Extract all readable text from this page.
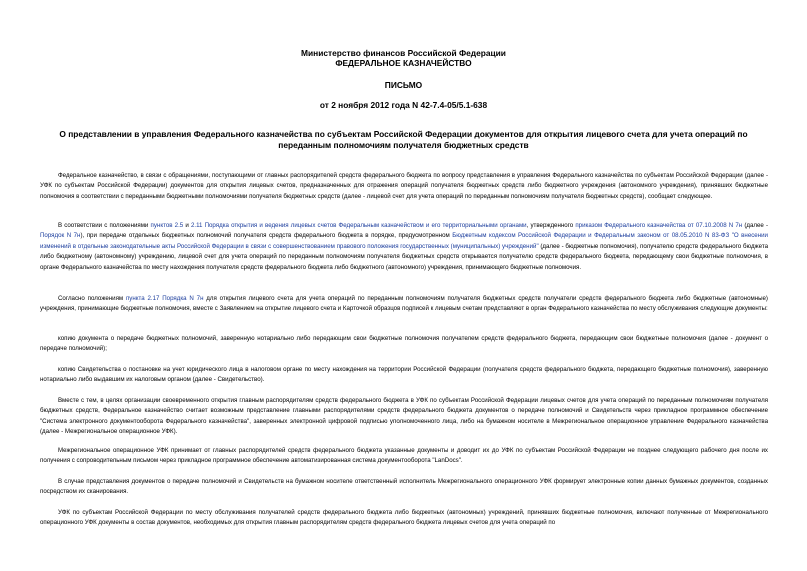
Министерство финансов Российской Федерации
ФЕДЕРАЛЬНОЕ КАЗНАЧЕЙСТВО
ПИСЬМО
от 2 ноября 2012 года N 42-7.4-05/5.1-638
О представлении в управления Федерального казначейства по субъектам Российской Федерации документов для открытия лицевого счета для учета операций по переданным полномочиям получателя бюджетных средств

Федеральное казначейство, в связи с обращениями, поступающими от главных распорядителей средств федерального бюджета по вопросу представления в управления Федерального казначейства по субъектам Российской Федерации (далее - УФК по субъектам Российской Федерации) документов для открытия лицевых счетов, предназначенных для отражения операций получателя бюджетных средств либо бюджетного учреждения (автономного учреждения), принявших бюджетные полномочия в соответствии с переданными бюджетными полномочиями получателя бюджетных средств (далее - лицевой счет для учета операций по переданным полномочиям получателя бюджетных средств), сообщает следующее.

В соответствии с положениями пунктов 2.5 и 2.11 Порядка открытия и ведения лицевых счетов Федеральным казначейством и его территориальными органами, утвержденного приказом Федерального казначейства от 07.10.2008 N 7н (далее - Порядок N 7н), при передаче отдельных бюджетных полномочий получателя средств федерального бюджета в порядке, предусмотренном Бюджетным кодексом Российской Федерации и Федеральным законом от 08.05.2010 N 83-ФЗ "О внесении изменений в отдельные законодательные акты Российской Федерации в связи с совершенствованием правового положения государственных (муниципальных) учреждений" (далее - бюджетные полномочия), получателю средств федерального бюджета либо бюджетному (автономному) учреждению, лицевой счет для учета операций по переданным полномочиям получателя бюджетных средств открывается получателю средств федерального бюджета, передающему свои бюджетные полномочия, в органе Федерального казначейства по месту нахождения получателя средств федерального бюджета либо бюджетного (автономного) учреждения, принимающего бюджетные полномочия.

Согласно положениям пункта 2.17 Порядка N 7н для открытия лицевого счета для учета операций по переданным полномочиям получателя бюджетных средств получатели средств федерального бюджета либо бюджетные (автономные) учреждения, принимающие бюджетные полномочия, вместе с Заявлением на открытие лицевого счета и Карточкой образцов подписей к лицевым счетам представляют в орган Федерального казначейства по месту обслуживания следующие документы:

копию документа о передаче бюджетных полномочий, заверенную нотариально либо передающим свои бюджетные полномочия получателем средств федерального бюджета, передающим свои бюджетные полномочия (далее - документ о передаче полномочий);

копию Свидетельства о постановке на учет юридического лица в налоговом органе по месту нахождения на территории Российской Федерации (получателя средств федерального бюджета, передающего бюджетные полномочия), заверенную нотариально либо выдавшим их налоговым органом (далее - Свидетельство).

Вместе с тем, в целях организации своевременного открытия главным распорядителям средств федерального бюджета в УФК по субъектам Российской Федерации лицевых счетов для учета операций по переданным полномочиям получателя бюджетных средств, Федеральное казначейство считает возможным представление главными распорядителями средств федерального бюджета документов о передаче полномочий и Свидетельств через прикладное программное обеспечение "Система электронного документооборота Федерального казначейства", заверенных электронной цифровой подписью уполномоченного лица, либо на бумажном носителе в Межрегиональное операционное управление Федерального казначейства (далее - Межрегиональное операционное УФК).

Межрегиональное операционное УФК принимает от главных распорядителей средств федерального бюджета указанные документы и доводит их до УФК по субъектам Российской Федерации не позднее следующего рабочего дня после их получения с сопроводительным письмом через прикладное программное обеспечение автоматизированная система документооборота "LanDocs".

В случае представления документов о передаче полномочий и Свидетельств на бумажном носителе ответственный исполнитель Межрегионального операционного УФК формирует электронные копии данных бумажных документов, созданных посредством их сканирования.

УФК по субъектам Российской Федерации по месту обслуживания получателей средств федерального бюджета либо бюджетных (автономных) учреждений, принявших бюджетные полномочия, включают полученные от Межрегионального операционного УФК документы в состав документов, необходимых для открытия главным распорядителям средств федерального бюджета лицевых счетов для учета операций по
